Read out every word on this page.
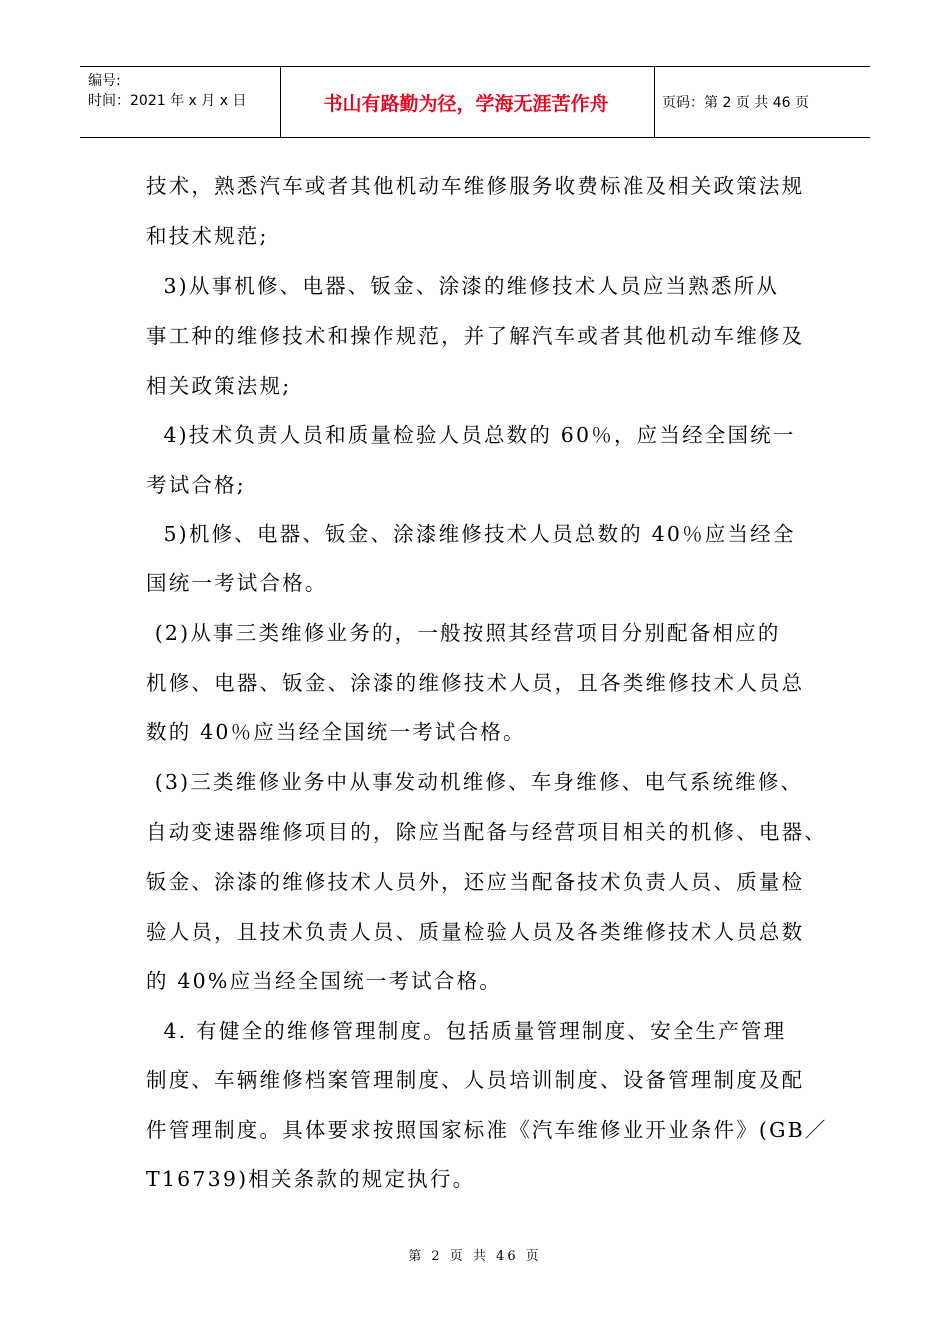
编号:
时间：2021 年 x 月 x 日	书山有路勤为径，学海无涯苦作舟	页码：第 2 页 共 46 页

技术，熟悉汽车或者其他机动车维修服务收费标准及相关政策法规

和技术规范;

3)从事机修、电器、钣金、涂漆的维修技术人员应当熟悉所从

事工种的维修技术和操作规范，并了解汽车或者其他机动车维修及

相关政策法规;

4)技术负责人员和质量检验人员总数的 60％，应当经全国统一

考试合格;

5)机修、电器、钣金、涂漆维修技术人员总数的 40％应当经全

国统一考试合格。

(2)从事三类维修业务的，一般按照其经营项目分别配备相应的

机修、电器、钣金、涂漆的维修技术人员，且各类维修技术人员总

数的 40％应当经全国统一考试合格。

(3)三类维修业务中从事发动机维修、车身维修、电气系统维修、

自动变速器维修项目的，除应当配备与经营项目相关的机修、电器、

钣金、涂漆的维修技术人员外，还应当配备技术负责人员、质量检

验人员，且技术负责人员、质量检验人员及各类维修技术人员总数

的 40%应当经全国统一考试合格。

4. 有健全的维修管理制度。包括质量管理制度、安全生产管理

制度、车辆维修档案管理制度、人员培训制度、设备管理制度及配

件管理制度。具体要求按照国家标准《汽车维修业开业条件》(GB／

T16739)相关条款的规定执行。

第 2 页 共 46 页
